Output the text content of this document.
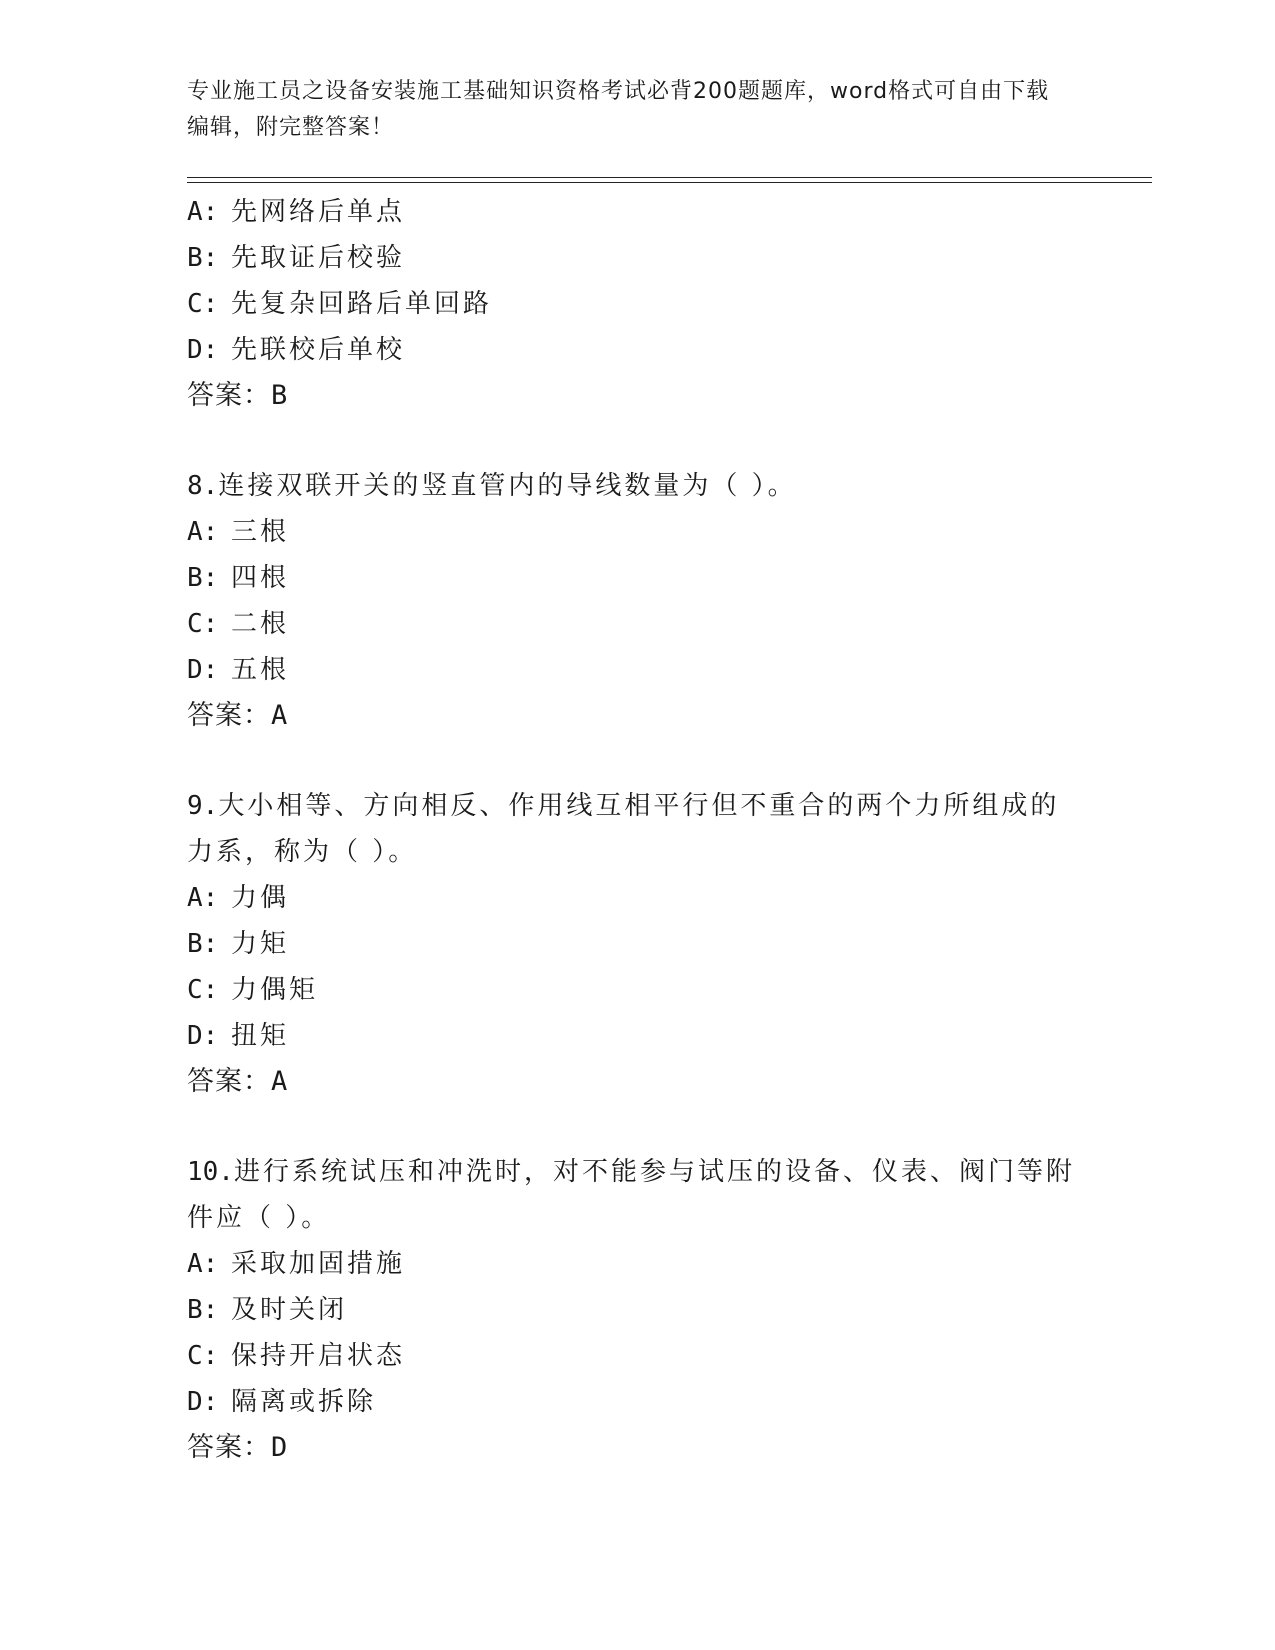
专业施工员之设备安装施工基础知识资格考试必背200题题库，word格式可自由下载编辑，附完整答案！
A: 先网络后单点
B: 先取证后校验
C: 先复杂回路后单回路
D: 先联校后单校
答案：B
8.连接双联开关的竖直管内的导线数量为（ ）。
A: 三根
B: 四根
C: 二根
D: 五根
答案：A
9.大小相等、方向相反、作用线互相平行但不重合的两个力所组成的
力系，称为（ ）。
A: 力偶
B: 力矩
C: 力偶矩
D: 扭矩
答案：A
10.进行系统试压和冲洗时，对不能参与试压的设备、仪表、阀门等附
件应（ ）。
A: 采取加固措施
B: 及时关闭
C: 保持开启状态
D: 隔离或拆除
答案：D
